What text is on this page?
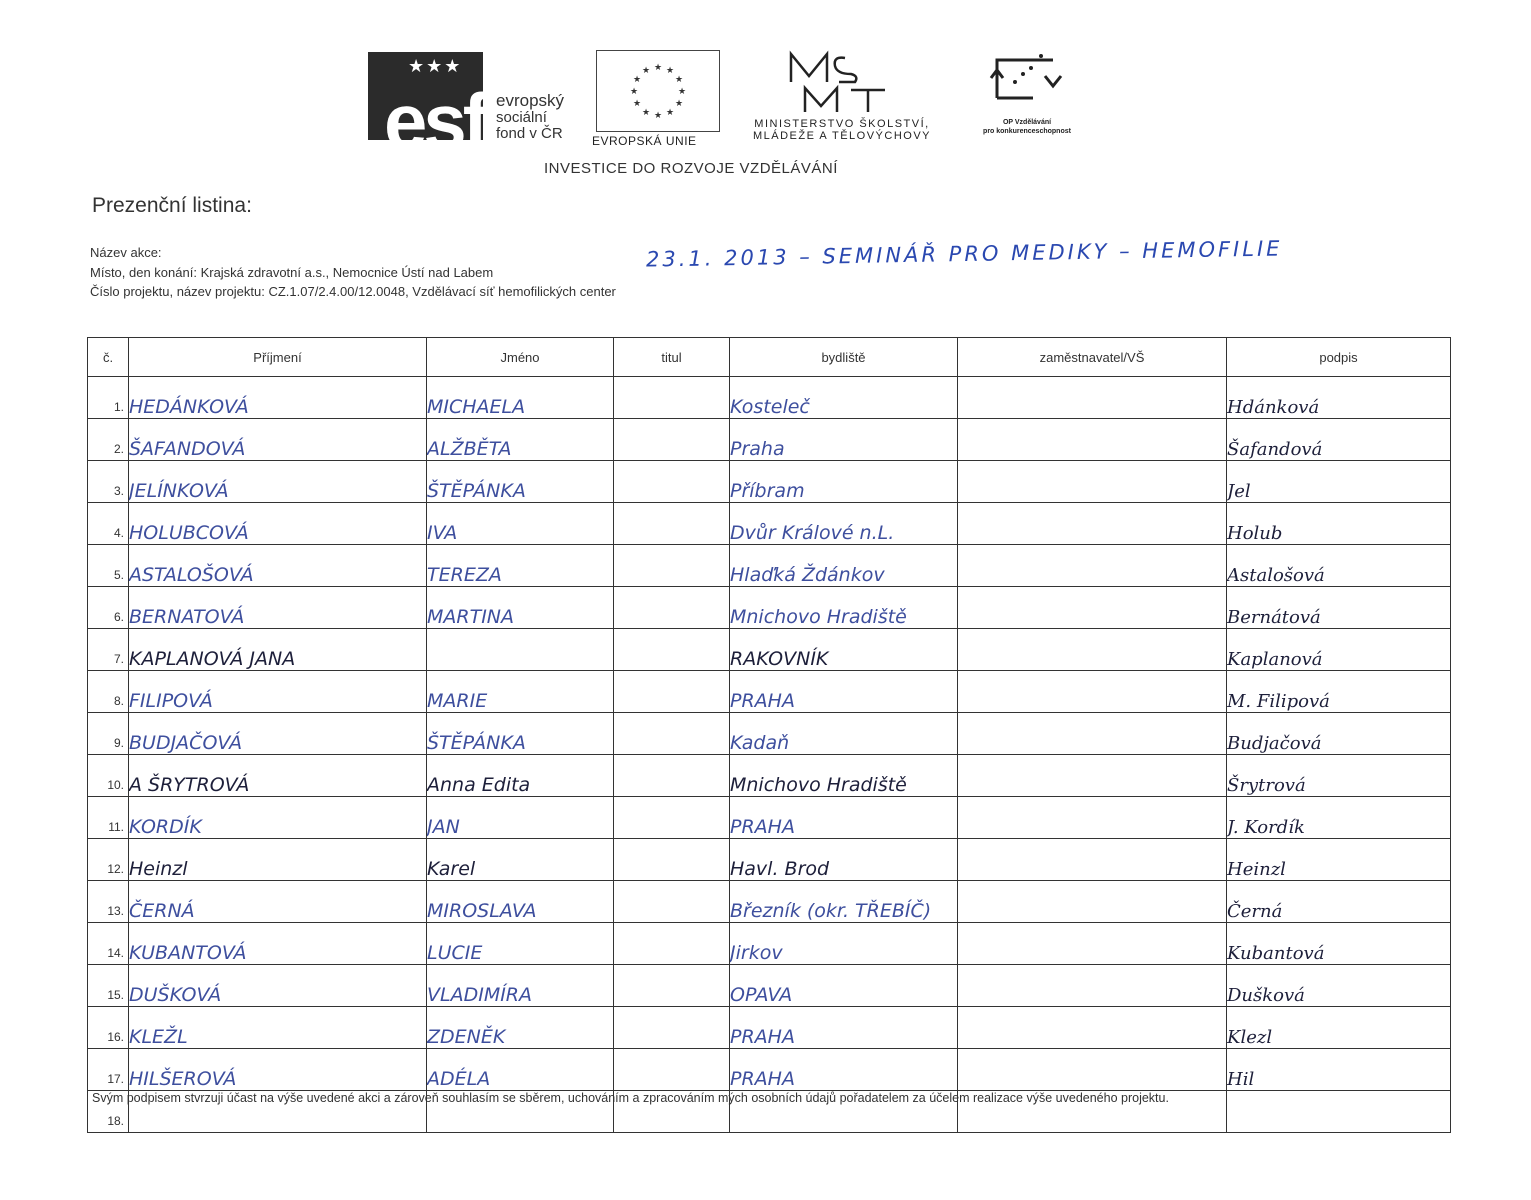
★★★
esf evropský
sociální
fond v ČR
★ ★
★
★
★
★
★
★
★
★
★
★
EVROPSKÁ UNIE
MINISTERSTVO ŠKOLSTVÍ,
MLÁDEŽE A TĚLOVÝCHOVY
OP Vzdělávání
pro konkurenceschopnost
INVESTICE DO ROZVOJE VZDĚLÁVÁNÍ
Prezenční listina:
Název akce:
Místo, den konání: Krajská zdravotní a.s., Nemocnice Ústí nad Labem
Číslo projektu, název projektu: CZ.1.07/2.4.00/12.0048, Vzdělávací síť hemofilických center
23.1. 2013 – SEMINÁŘ PRO MEDIKY – HEMOFILIE
č.	Příjmení	Jméno	titul	bydliště	zaměstnavatel/VŠ	podpis
1.	HEDÁNKOVÁ	MICHAELA		Kosteleč		Hdánková
2.	ŠAFANDOVÁ	ALŽBĚTA		Praha		Šafandová
3.	JELÍNKOVÁ	ŠTĚPÁNKA		Příbram		Jel
4.	HOLUBCOVÁ	IVA		Dvůr Králové n.L.		Holub
5.	ASTALOŠOVÁ	TEREZA		Hlaďká Ždánkov		Astalošová
6.	BERNATOVÁ	MARTINA		Mnichovo Hradiště		Bernátová
7.	KAPLANOVÁ JANA			RAKOVNÍK		Kaplanová
8.	FILIPOVÁ	MARIE		PRAHA		M. Filipová
9.	BUDJAČOVÁ	ŠTĚPÁNKA		Kadaň		Budjačová
10.	A ŠRYTROVÁ	Anna Edita		Mnichovo Hradiště		Šrytrová
11.	KORDÍK	JAN		PRAHA		J. Kordík
12.	Heinzl	Karel		Havl. Brod		Heinzl
13.	ČERNÁ	MIROSLAVA		Březník (okr. TŘEBÍČ)		Černá
14.	KUBANTOVÁ	LUCIE		Jirkov		Kubantová
15.	DUŠKOVÁ	VLADIMÍRA		OPAVA		Dušková
16.	KLEŽL	ZDENĚK		PRAHA		Klezl
17.	HILŠEROVÁ	ADÉLA		PRAHA		Hil
18.						
Svým podpisem stvrzuji účast na výše uvedené akci a zároveň souhlasím se sběrem, uchováním a zpracováním mých osobních údajů pořadatelem za účelem realizace výše uvedeného projektu.
